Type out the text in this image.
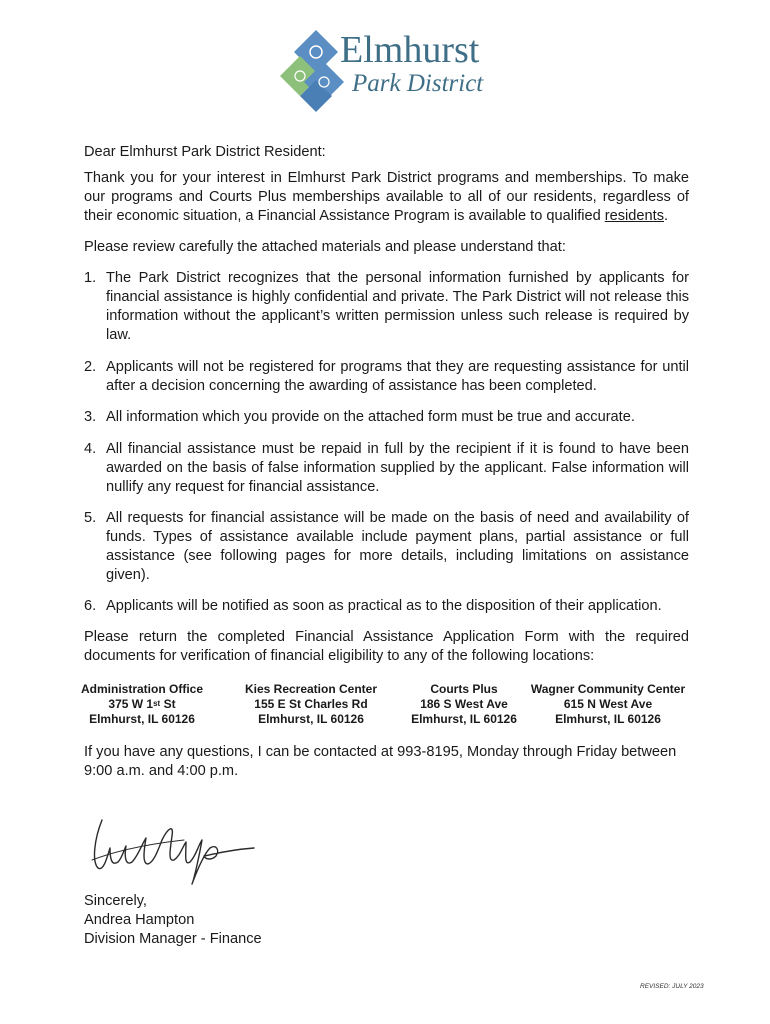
Elmhurst
Park District
Dear Elmhurst Park District Resident:
Thank you for your interest in Elmhurst Park District programs and memberships. To make our programs and Courts Plus memberships available to all of our residents, regardless of their economic situation, a Financial Assistance Program is available to qualified residents.
Please review carefully the attached materials and please understand that:
1. The Park District recognizes that the personal information furnished by applicants for financial assistance is highly confidential and private. The Park District will not release this information without the applicant’s written permission unless such release is required by law.
2. Applicants will not be registered for programs that they are requesting assistance for until after a decision concerning the awarding of assistance has been completed.
3. All information which you provide on the attached form must be true and accurate.
4. All financial assistance must be repaid in full by the recipient if it is found to have been awarded on the basis of false information supplied by the applicant. False information will nullify any request for financial assistance.
5. All requests for financial assistance will be made on the basis of need and availability of funds. Types of assistance available include payment plans, partial assistance or full assistance (see following pages for more details, including limitations on assistance given).
6. Applicants will be notified as soon as practical as to the disposition of their application.
Please return the completed Financial Assistance Application Form with the required documents for verification of financial eligibility to any of the following locations:
Administration Office
375 W 1st St
Elmhurst, IL 60126
Kies Recreation Center
155 E St Charles Rd
Elmhurst, IL 60126
Courts Plus
186 S West Ave
Elmhurst, IL 60126
Wagner Community Center
615 N West Ave
Elmhurst, IL 60126
If you have any questions, I can be contacted at 993-8195, Monday through Friday between 9:00 a.m. and 4:00 p.m.
Sincerely,
Andrea Hampton
Division Manager - Finance
REVISED: JULY 2023
